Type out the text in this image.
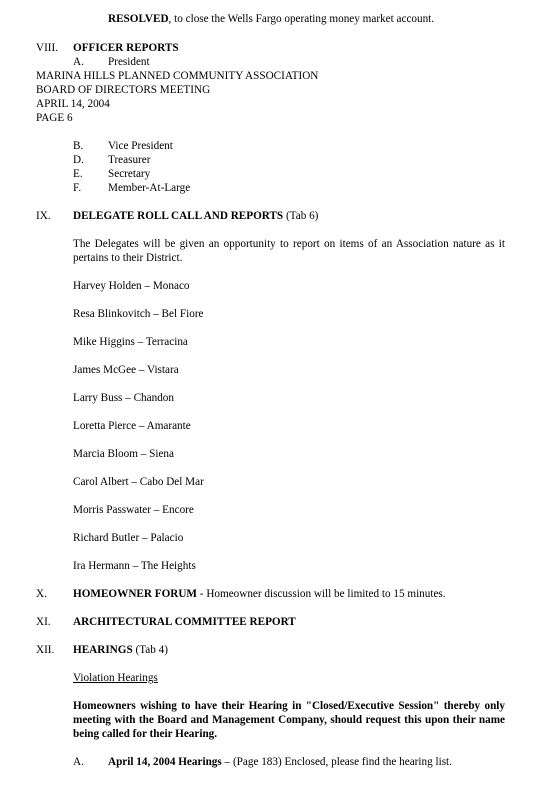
RESOLVED, to close the Wells Fargo operating money market account.
VIII. OFFICER REPORTS
A. President
MARINA HILLS PLANNED COMMUNITY ASSOCIATION
BOARD OF DIRECTORS MEETING
APRIL 14, 2004
PAGE 6
B. Vice President
D. Treasurer
E. Secretary
F. Member-At-Large
IX. DELEGATE ROLL CALL AND REPORTS (Tab 6)
The Delegates will be given an opportunity to report on items of an Association nature as it pertains to their District.
Harvey Holden – Monaco
Resa Blinkovitch – Bel Fiore
Mike Higgins – Terracina
James McGee – Vistara
Larry Buss – Chandon
Loretta Pierce – Amarante
Marcia Bloom – Siena
Carol Albert – Cabo Del Mar
Morris Passwater – Encore
Richard Butler – Palacio
Ira Hermann – The Heights
X. HOMEOWNER FORUM - Homeowner discussion will be limited to 15 minutes.
XI. ARCHITECTURAL COMMITTEE REPORT
XII. HEARINGS (Tab 4)
Violation Hearings
Homeowners wishing to have their Hearing in "Closed/Executive Session" thereby only meeting with the Board and Management Company, should request this upon their name being called for their Hearing.
A. April 14, 2004 Hearings – (Page 183) Enclosed, please find the hearing list.
